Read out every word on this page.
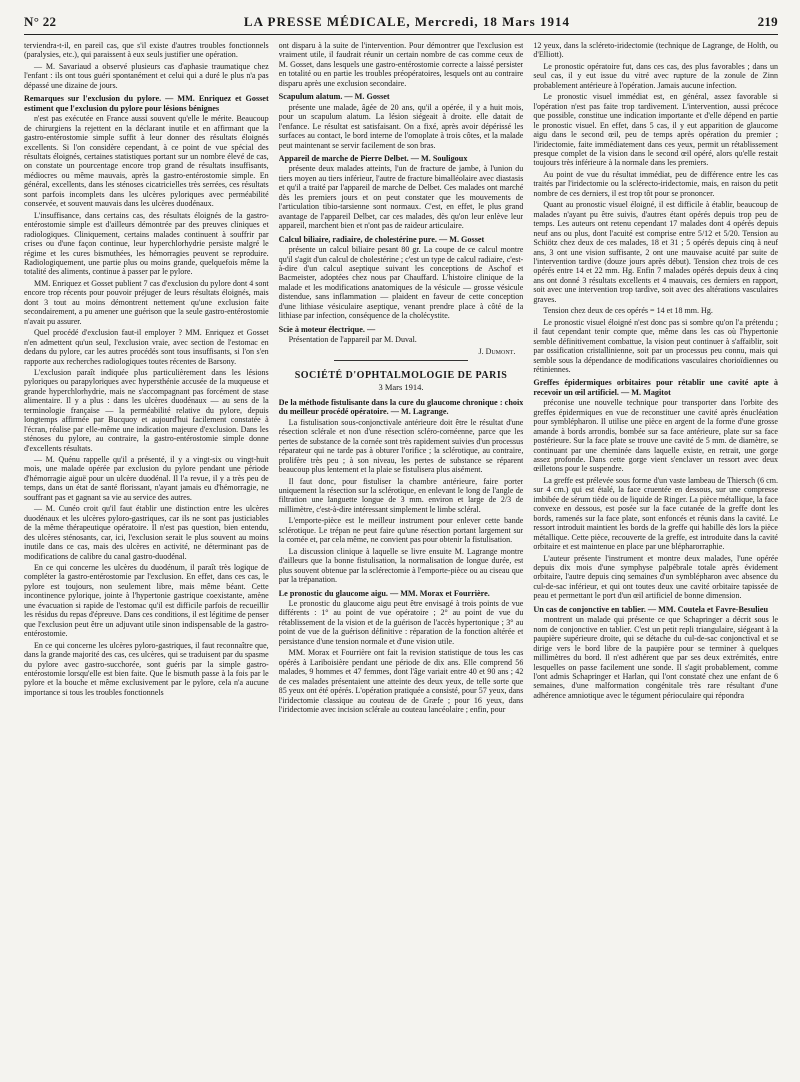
N° 22	LA PRESSE MÉDICALE, Mercredi, 18 Mars 1914	219

terviendra-t-il, en pareil cas, que s'il existe d'autres troubles fonctionnels (paralysies, etc.), qui paraissent à eux seuls justifier une opération.

— M. Savariaud a observé plusieurs cas d'aphasie traumatique chez l'enfant : ils ont tous guéri spontanément et celui qui a duré le plus n'a pas dépassé une dizaine de jours.

Remarques sur l'exclusion du pylore. — MM. Enriquez et Gosset estiment que l'exclusion du pylore pour lésions bénignes

n'est pas exécutée en France aussi souvent qu'elle le mérite. Beaucoup de chirurgiens la rejettent en la déclarant inutile et en affirmant que la gastro-entérostomie simple suffit à leur donner des résultats éloignés excellents. Si l'on considère cependant, à ce point de vue spécial des résultats éloignés, certaines statistiques portant sur un nombre élevé de cas, on constate un pourcentage encore trop grand de résultats insuffisants, médiocres ou même mauvais, après la gastro-entérostomie simple. En général, excellents, dans les sténoses cicatricielles très serrées, ces résultats sont parfois incomplets dans les ulcères pyloriques avec perméabilité conservée, et souvent mauvais dans les ulcères duodénaux.

L'insuffisance, dans certains cas, des résultats éloignés de la gastro-entérostomie simple est d'ailleurs démontrée par des preuves cliniques et radiologiques. Cliniquement, certains malades continuent à souffrir par crises ou d'une façon continue, leur hyperchlorhydrie persiste malgré le régime et les cures bismuthées, les hémorragies peuvent se reproduire. Radiologiquement, une partie plus ou moins grande, quelquefois même la totalité des aliments, continue à passer par le pylore.

MM. Enriquez et Gosset publient 7 cas d'exclusion du pylore dont 4 sont encore trop récents pour pouvoir préjuger de leurs résultats éloignés, mais dont 3 tout au moins démontrent nettement qu'une exclusion faite secondairement, a pu amener une guérison que la seule gastro-entérostomie n'avait pu assurer.

Quel procédé d'exclusion faut-il employer ? MM. Enriquez et Gosset n'en admettent qu'un seul, l'exclusion vraie, avec section de l'estomac en dedans du pylore, car les autres procédés sont tous insuffisants, si l'on s'en rapporte aux recherches radiologiques toutes récentes de Barsony.

L'exclusion paraît indiquée plus particulièrement dans les lésions pyloriques ou parapyloriques avec hypersthénie accusée de la muqueuse et grande hyperchlorhydrie, mais ne s'accompagnant pas forcément de stase alimentaire. Il y a plus : dans les ulcères duodénaux — au sens de la terminologie française — la perméabilité relative du pylore, depuis longtemps affirmée par Bucquoy et aujourd'hui facilement constatée à l'écran, réalise par elle-même une indication majeure d'exclusion. Dans les sténoses du pylore, au contraire, la gastro-entérostomie simple donne d'excellents résultats.

— M. Quénu rappelle qu'il a présenté, il y a vingt-six ou vingt-huit mois, une malade opérée par exclusion du pylore pendant une période d'hémorragie aiguë pour un ulcère duodénal. Il l'a revue, il y a très peu de temps, dans un état de santé florissant, n'ayant jamais eu d'hémorragie, ne souffrant pas et gagnant sa vie au service des autres.

— M. Cunéo croit qu'il faut établir une distinction entre les ulcères duodénaux et les ulcères pyloro-gastriques, car ils ne sont pas justiciables de la même thérapeutique opératoire. Il n'est pas question, bien entendu, des ulcères sténosants, car, ici, l'exclusion serait le plus souvent au moins inutile dans ce cas, mais des ulcères en activité, ne déterminant pas de modifications de calibre du canal gastro-duodénal.

En ce qui concerne les ulcères du duodénum, il paraît très logique de compléter la gastro-entérostomie par l'exclusion. En effet, dans ces cas, le pylore est toujours, non seulement libre, mais même béant. Cette incontinence pylorique, jointe à l'hypertonie gastrique coexistante, amène une évacuation si rapide de l'estomac qu'il est difficile parfois de recueillir les résidus du repas d'épreuve. Dans ces conditions, il est légitime de penser que l'exclusion peut être un adjuvant utile sinon indispensable de la gastro-entérostomie.

En ce qui concerne les ulcères pyloro-gastriques, il faut reconnaître que, dans la grande majorité des cas, ces ulcères, qui se traduisent par du spasme du pylore avec gastro-succhorée, sont guéris par la simple gastro-entérostomie lorsqu'elle est bien faite. Que le bismuth passe à la fois par le pylore et la bouche et même exclusivement par le pylore, cela n'a aucune importance si tous les troubles fonctionnels

ont disparu à la suite de l'intervention. Pour démontrer que l'exclusion est vraiment utile, il faudrait réunir un certain nombre de cas comme ceux de M. Gosset, dans lesquels une gastro-entérostomie correcte a laissé persister en totalité ou en partie les troubles préopératoires, lesquels ont au contraire disparu après une exclusion secondaire.

Scapulum alatum. — M. Gosset

présente une malade, âgée de 20 ans, qu'il a opérée, il y a huit mois, pour un scapulum alatum. La lésion siégeait à droite. elle datait de l'enfance. Le résultat est satisfaisant. On a fixé, après avoir dépérissé les surfaces au contact, le bord interne de l'omoplate à trois côtes, et la malade peut maintenant se servir facilement de son bras.

Appareil de marche de Pierre Delbet. — M. Souligoux

présente deux malades atteints, l'un de fracture de jambe, à l'union du tiers moyen au tiers inférieur, l'autre de fracture bimalléolaire avec diastasis et qu'il a traité par l'appareil de marche de Delbet. Ces malades ont marché dès les premiers jours et on peut constater que les mouvements de l'articulation tibio-tarsienne sont normaux. C'est, en effet, le plus grand avantage de l'appareil Delbet, car ces malades, dès qu'on leur enlève leur appareil, marchent bien et n'ont pas de raideur articulaire.

Calcul biliaire, radiaire, de cholestérine pure. — M. Gosset

présente un calcul biliaire pesant 80 gr. La coupe de ce calcul montre qu'il s'agit d'un calcul de cholestérine ; c'est un type de calcul radiaire, c'est-à-dire d'un calcul aseptique suivant les conceptions de Aschof et Bacmeister, adoptées chez nous par Chauffard. L'histoire clinique de la malade et les modifications anatomiques de la vésicule — grosse vésicule distendue, sans inflammation — plaident en faveur de cette conception d'une lithiase vésiculaire aseptique, venant prendre place à côté de la lithiase par infection, conséquence de la cholécystite.

Scie à moteur électrique. —

Présentation de l'appareil par M. Duval.

J. Dumont.
SOCIÉTÉ D'OPHTALMOLOGIE DE PARIS
3 Mars 1914.
De la méthode fistulisante dans la cure du glaucome chronique : choix du meilleur procédé opératoire. — M. Lagrange.

La fistulisation sous-conjonctivale antérieure doit être le résultat d'une résection sclérale et non d'une résection scléro-cornéenne, parce que les pertes de substance de la cornée sont très rapidement suivies d'un processus réparateur qui ne tarde pas à obturer l'orifice ; la sclérotique, au contraire, prolifère très peu ; à son niveau, les pertes de substance se réparent beaucoup plus lentement et la plaie se fistulisera plus aisément.

Il faut donc, pour fistuliser la chambre antérieure, faire porter uniquement la résection sur la sclérotique, en enlevant le long de l'angle de filtration une languette longue de 3 mm. environ et large de 2/3 de millimètre, c'est-à-dire intéressant simplement le limbe scléral.

L'emporte-pièce est le meilleur instrument pour enlever cette bande sclérotique. Le trépan ne peut faire qu'une résection portant largement sur la cornée et, par cela même, ne convient pas pour obtenir la fistulisation.

La discussion clinique à laquelle se livre ensuite M. Lagrange montre d'ailleurs que la bonne fistulisation, la normalisation de longue durée, est plus souvent obtenue par la sclérectomie à l'emporte-pièce ou au ciseau que par la trépanation.

Le pronostic du glaucome aigu. — MM. Morax et Fourrière.

Le pronostic du glaucome aigu peut être envisagé à trois points de vue différents : 1° au point de vue opératoire ; 2° au point de vue du rétablissement de la vision et de la guérison de l'accès hypertonique ; 3° au point de vue de la guérison définitive : réparation de la fonction altérée et persistance d'une tension normale et d'une vision utile.

MM. Morax et Fourrière ont fait la revision statistique de tous les cas opérés à Lariboisière pendant une période de dix ans. Elle comprend 56 malades, 9 hommes et 47 femmes, dont l'âge variait entre 40 et 90 ans ; 42 de ces malades présentaient une atteinte des deux yeux, de telle sorte que 85 yeux ont été opérés. L'opération pratiquée a consisté, pour 57 yeux, dans l'iridectomie classique au couteau de de Græfe ; pour 16 yeux, dans l'iridectomie avec incision sclérale au couteau lancéolaire ; enfin, pour

12 yeux, dans la scléreto-iridectomie (technique de Lagrange, de Holth, ou d'Elliott).

Le pronostic opératoire fut, dans ces cas, des plus favorables ; dans un seul cas, il y eut issue du vitré avec rupture de la zonule de Zinn probablement antérieure à l'opération. Jamais aucune infection.

Le pronostic visuel immédiat est, en général, assez favorable si l'opération n'est pas faite trop tardivement. L'intervention, aussi précoce que possible, constitue une indication importante et d'elle dépend en partie le pronostic visuel. En effet, dans 5 cas, il y eut apparition de glaucome aigu dans le second œil, peu de temps après opération du premier ; l'iridectomie, faite immédiatement dans ces yeux, permit un rétablissement presque complet de la vision dans le second œil opéré, alors qu'elle restait toujours très inférieure à la normale dans les premiers.

Au point de vue du résultat immédiat, peu de différence entre les cas traités par l'iridectomie ou la sclérecto-iridectomie, mais, en raison du petit nombre de ces derniers, il est trop tôt pour se prononcer.

Quant au pronostic visuel éloigné, il est difficile à établir, beaucoup de malades n'ayant pu être suivis, d'autres étant opérés depuis trop peu de temps. Les auteurs ont retenu cependant 17 malades dont 4 opérés depuis neuf ans ou plus, dont l'acuité est comprise entre 5/12 et 5/20. Tension au Schiötz chez deux de ces malades, 18 et 31 ; 5 opérés depuis cinq à neuf ans, 3 ont une vision suffisante, 2 ont une mauvaise acuité par suite de l'intervention tardive (douze jours après début). Tension chez trois de ces opérés entre 14 et 22 mm. Hg. Enfin 7 malades opérés depuis deux à cinq ans ont donné 3 résultats excellents et 4 mauvais, ces derniers en rapport, soit avec une intervention trop tardive, soit avec des altérations vasculaires graves.

Tension chez deux de ces opérés = 14 et 18 mm. Hg.

Le pronostic visuel éloigné n'est donc pas si sombre qu'on l'a prétendu ; il faut cependant tenir compte que, même dans les cas où l'hypertonie semble définitivement combattue, la vision peut continuer à s'affaiblir, soit par ossification cristallinienne, soit par un processus peu connu, mais qui semble sous la dépendance de modifications vasculaires chorioïdiennes ou rétiniennes.

Greffes épidermiques orbitaires pour rétablir une cavité apte à recevoir un œil artificiel. — M. Magitot

préconise une nouvelle technique pour transporter dans l'orbite des greffes épidermiques en vue de reconstituer une cavité après énucléation pour symblépharon. Il utilise une pièce en argent de la forme d'une grosse amande à bords arrondis, bombée sur sa face antérieure, plate sur sa face postérieure. Sur la face plate se trouve une cavité de 5 mm. de diamètre, se continuant par une cheminée dans laquelle existe, en retrait, une gorge assez profonde. Dans cette gorge vient s'enclaver un ressort avec deux œilletons pour le suspendre.

La greffe est prélevée sous forme d'un vaste lambeau de Thiersch (6 cm. sur 4 cm.) qui est étalé, la face cruentée en dessous, sur une compresse imbibée de sérum tiède ou de liquide de Ringer. La pièce métallique, la face convexe en dessous, est posée sur la face cutanée de la greffe dont les bords, ramenés sur la face plate, sont enfoncés et réunis dans la cavité. Le ressort introduit maintient les bords de la greffe qui habille dès lors la pièce métallique. Cette pièce, recouverte de la greffe, est introduite dans la cavité orbitaire et est maintenue en place par une blépharorraphie.

L'auteur présente l'instrument et montre deux malades, l'une opérée depuis dix mois d'une symphyse palpébrale totale après évidement orbitaire, l'autre depuis cinq semaines d'un symblépharon avec absence du cul-de-sac inférieur, et qui ont toutes deux une cavité orbitaire tapissée de peau et permettant le port d'un œil artificiel de bonne dimension.

Un cas de conjonctive en tablier. — MM. Coutela et Favre-Besulieu

montrent un malade qui présente ce que Schapringer a décrit sous le nom de conjonctive en tablier. C'est un petit repli triangulaire, siégeant à la paupière supérieure droite, qui se détache du cul-de-sac conjonctival et se dirige vers le bord libre de la paupière pour se terminer à quelques millimètres du bord. Il n'est adhérent que par ses deux extrémités, entre lesquelles on passe facilement une sonde. Il s'agit probablement, comme l'ont admis Schapringer et Harlan, qui l'ont constaté chez une enfant de 6 semaines, d'une malformation congénitale très rare résultant d'une adhérence amniotique avec le tégument périoculaire qui répondra
